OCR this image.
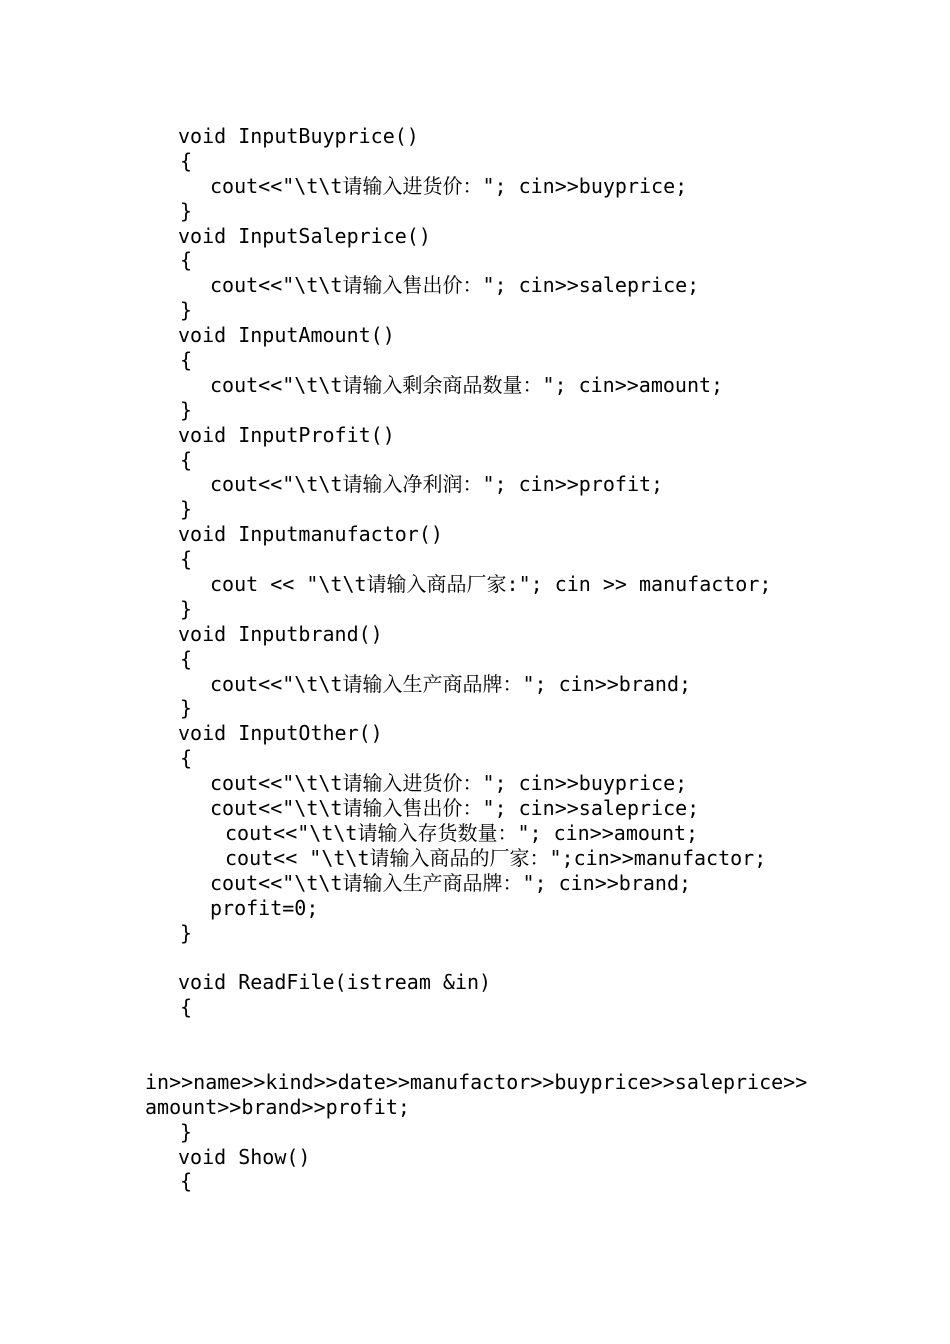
void InputBuyprice()
{
cout<<"\t\t请输入进货价："; cin>>buyprice;
}
void InputSaleprice()
{
cout<<"\t\t请输入售出价："; cin>>saleprice;
}
void InputAmount()
{
cout<<"\t\t请输入剩余商品数量："; cin>>amount;
}
void InputProfit()
{
cout<<"\t\t请输入净利润："; cin>>profit;
}
void Inputmanufactor()
{
cout << "\t\t请输入商品厂家:"; cin >> manufactor;
}
void Inputbrand()
{
cout<<"\t\t请输入生产商品牌："; cin>>brand;
}
void InputOther()
{
cout<<"\t\t请输入进货价："; cin>>buyprice;
cout<<"\t\t请输入售出价："; cin>>saleprice;
cout<<"\t\t请输入存货数量："; cin>>amount;
cout<< "\t\t请输入商品的厂家：";cin>>manufactor;
cout<<"\t\t请输入生产商品牌："; cin>>brand;
profit=0;
}
void ReadFile(istream &in)
{
in>>name>>kind>>date>>manufactor>>buyprice>>saleprice>>
amount>>brand>>profit;
}
void Show()
{
